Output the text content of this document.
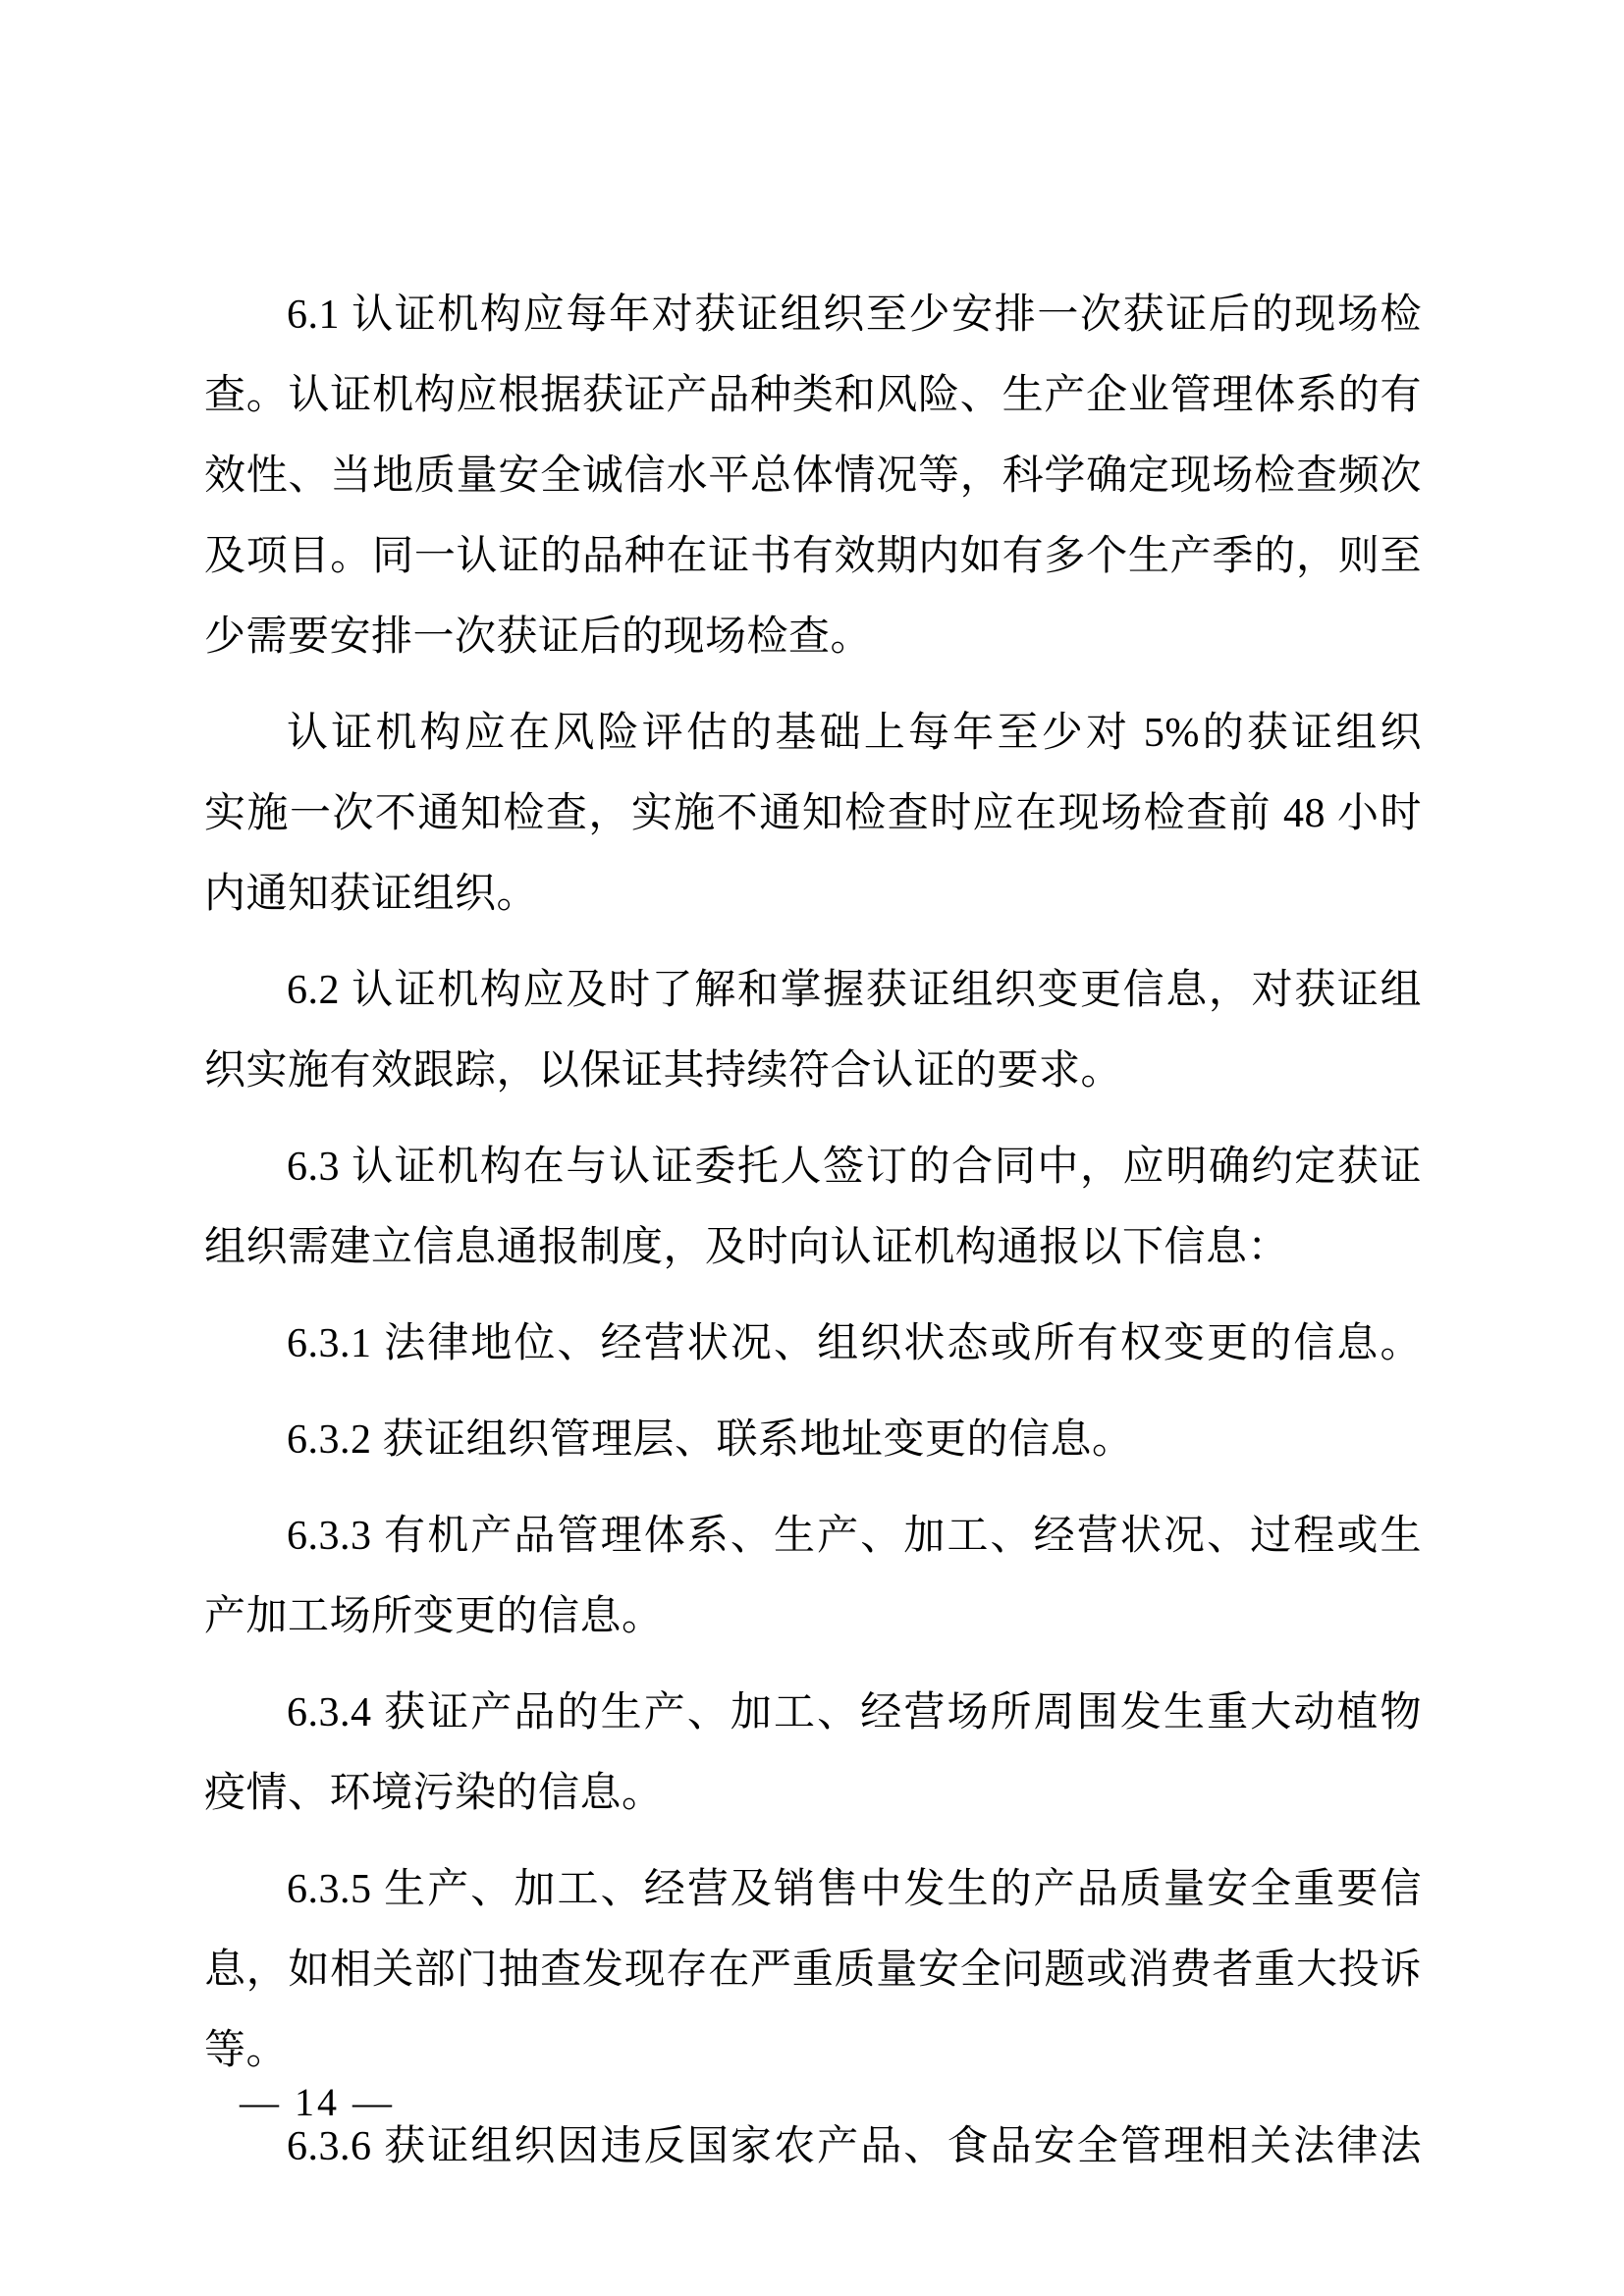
6.1 认证机构应每年对获证组织至少安排一次获证后的现场检
查。认证机构应根据获证产品种类和风险、生产企业管理体系的有
效性、当地质量安全诚信水平总体情况等，科学确定现场检查频次
及项目。同一认证的品种在证书有效期内如有多个生产季的，则至
少需要安排一次获证后的现场检查。

认证机构应在风险评估的基础上每年至少对 5%的获证组织
实施一次不通知检查，实施不通知检查时应在现场检查前 48 小时
内通知获证组织。

6.2 认证机构应及时了解和掌握获证组织变更信息，对获证组
织实施有效跟踪，以保证其持续符合认证的要求。

6.3 认证机构在与认证委托人签订的合同中，应明确约定获证
组织需建立信息通报制度，及时向认证机构通报以下信息：

6.3.1 法律地位、经营状况、组织状态或所有权变更的信息。

6.3.2 获证组织管理层、联系地址变更的信息。

6.3.3 有机产品管理体系、生产、加工、经营状况、过程或生
产加工场所变更的信息。

6.3.4 获证产品的生产、加工、经营场所周围发生重大动植物
疫情、环境污染的信息。

6.3.5 生产、加工、经营及销售中发生的产品质量安全重要信
息，如相关部门抽查发现存在严重质量安全问题或消费者重大投诉
等。

6.3.6 获证组织因违反国家农产品、食品安全管理相关法律法

— 14 —
